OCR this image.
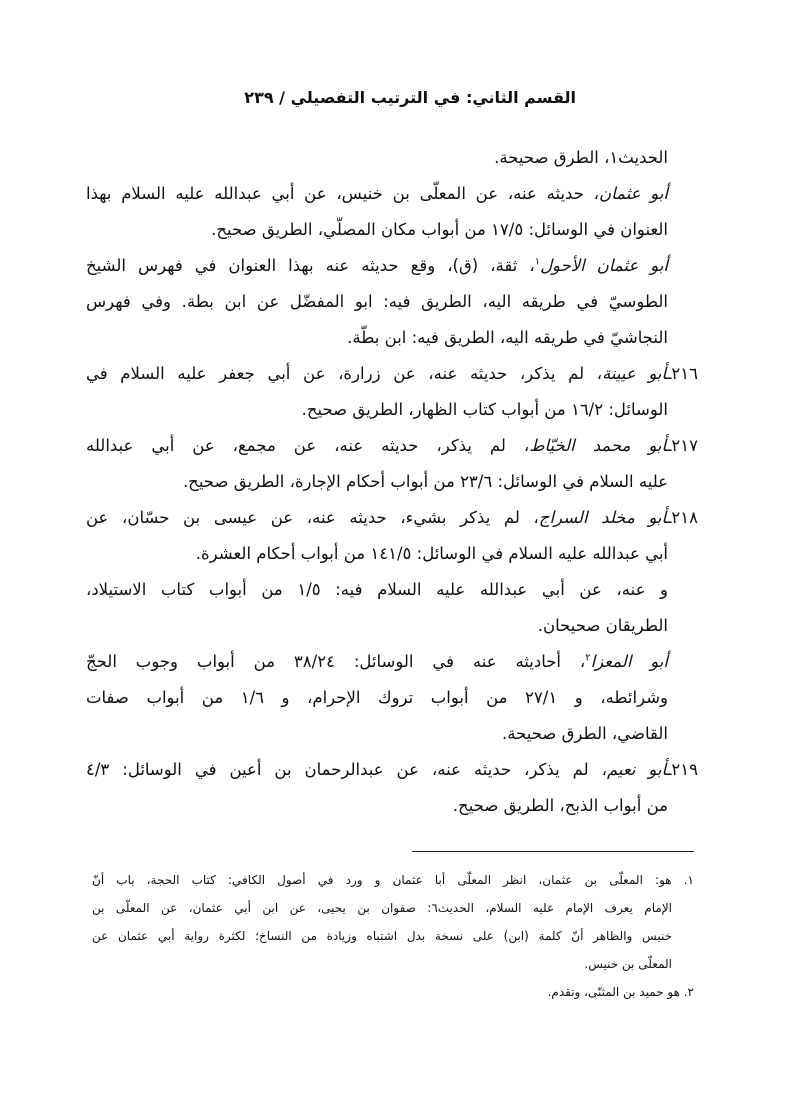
القسم الثاني: في الترتيب التفصيلي / ٢٣٩
الحديث١، الطرق صحيحة.
أبو عثمان، حديثه عنه، عن المعلّى بن خنيس، عن أبي عبدالله عليه السلام بهذا
العنوان في الوسائل: ١٧/٥ من أبواب مكان المصلّي، الطريق صحيح.
أبو عثمان الأحول$^١$، ثقة، (ق)، وقع حديثه عنه بهذا العنوان في فهرس الشيخ
الطوسيّ في طريقه اليه، الطريق فيه: ابو المفضّل عن ابن بطة. وفي فهرس
النجاشيّ في طريقه اليه، الطريق فيه: ابن بطّة.
٢١٦ـأبو عيينة، لم يذكر، حديثه عنه، عن زرارة، عن أبي جعفر عليه السلام في
الوسائل: ١٦/٢ من أبواب كتاب الظهار، الطريق صحيح.
٢١٧ـأبو محمد الخيّاط، لم يذكر، حديثه عنه، عن مجمع، عن أبي عبدالله
عليه السلام في الوسائل: ٢٣/٦ من أبواب أحكام الإجارة، الطريق صحيح.
٢١٨ـأبو مخلد السراج، لم يذكر بشيء، حديثه عنه، عن عيسى بن حسّان، عن
أبي عبدالله عليه السلام في الوسائل: ١٤١/٥ من أبواب أحكام العشرة.
و عنه، عن أبي عبدالله عليه السلام فيه: ١/٥ من أبواب كتاب الاستيلاد،
الطريقان صحيحان.
أبو المعزا$^٢$، أحاديثه عنه في الوسائل: ٣٨/٢٤ من أبواب وجوب الحجّ
وشرائطه، و ٢٧/١ من أبواب تروك الإحرام، و ١/٦ من أبواب صفات
القاضي، الطرق صحيحة.
٢١٩ـأبو نعيم، لم يذكر، حديثه عنه، عن عبدالرحمان بن أعين في الوسائل: ٤/٣
من أبواب الذبح، الطريق صحيح.
١. هو: المعلّى بن عثمان، انظر المعلّى أبا عثمان و ورد في أصول الكافي: كتاب الحجة، باب أنّ
الإمام يعرف الإمام عليه السلام، الحديث٦: صفوان بن يحيى، عن ابن أبي عثمان، عن المعلّى بن
خنيس والظاهر أنّ كلمة (ابن) على نسخة بدل اشتباه وزيادة من النساخ؛ لكثرة رواية أبي عثمان عن
المعلّى بن خنيس.
٢. هو حميد بن المثنّى، وتقدم.
